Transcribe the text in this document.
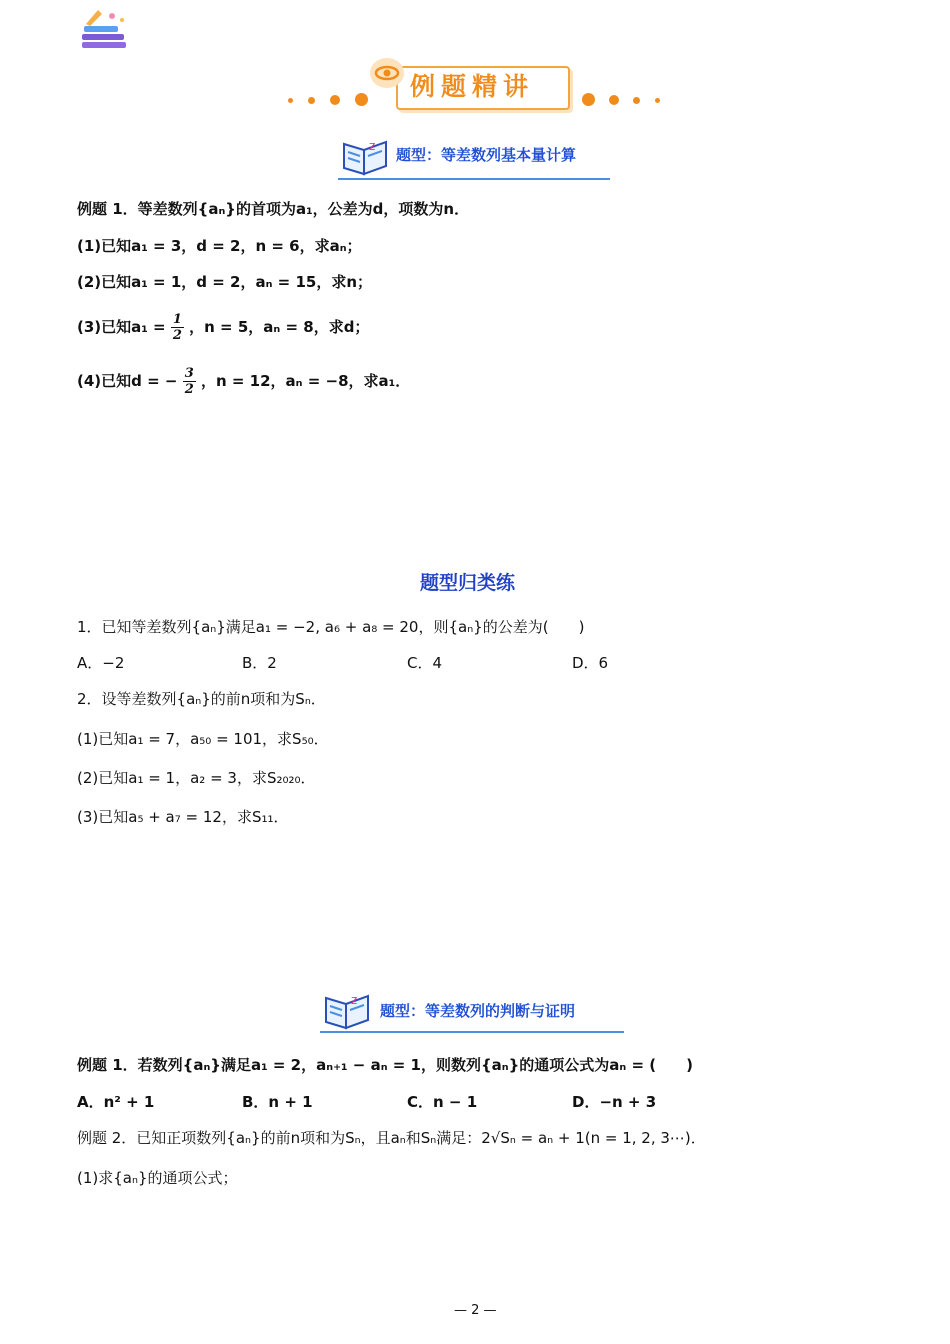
例题精讲
z 题型：等差数列基本量计算
例题 1．等差数列{aₙ}的首项为a₁，公差为d，项数为n．
(1)已知a₁ = 3，d = 2，n = 6，求aₙ；
(2)已知a₁ = 1，d = 2，aₙ = 15，求n；
(3)已知$a_1 = \frac{1}{2}$ ，n = 5，aₙ = 8，求d；
(4)已知d = − $\frac{3}{2}$ ，n = 12，aₙ = −8，求a₁．
题型归类练
1．已知等差数列{aₙ}满足a₁ = −2, a₆ + a₈ = 20，则{aₙ}的公差为(　　)
A．−2	B．2	C．4	D．6
2．设等差数列{aₙ}的前n项和为Sₙ．
(1)已知a₁ = 7，a₅₀ = 101，求S₅₀．
(2)已知a₁ = 1，a₂ = 3，求S₂₀₂₀．
(3)已知a₅ + a₇ = 12，求S₁₁．
z
题型：等差数列的判断与证明
例题 1．若数列{aₙ}满足a₁ = 2，aₙ₊₁ − aₙ = 1，则数列{aₙ}的通项公式为aₙ = (　　)
A．n² + 1	B．n + 1	C．n − 1	D．−n + 3
例题 2．已知正项数列{aₙ}的前n项和为Sₙ，且aₙ和Sₙ满足：2√Sₙ = aₙ + 1(n = 1, 2, 3⋯)．
(1)求{aₙ}的通项公式；
— 2 —
